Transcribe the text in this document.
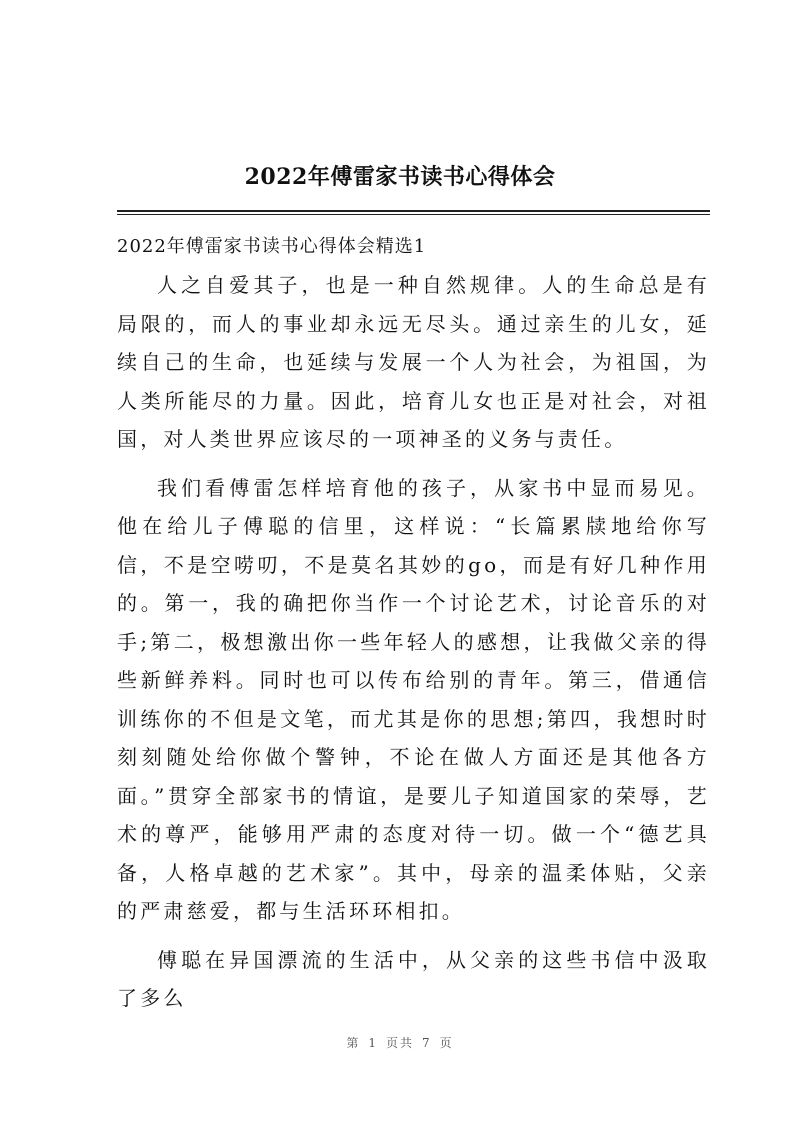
2022年傅雷家书读书心得体会
2022年傅雷家书读书心得体会精选1

人之自爱其子，也是一种自然规律。人的生命总是有局限的，而人的事业却永远无尽头。通过亲生的儿女，延续自己的生命，也延续与发展一个人为社会，为祖国，为人类所能尽的力量。因此，培育儿女也正是对社会，对祖国，对人类世界应该尽的一项神圣的义务与责任。

我们看傅雷怎样培育他的孩子，从家书中显而易见。他在给儿子傅聪的信里，这样说：“长篇累牍地给你写信，不是空唠叨，不是莫名其妙的go，而是有好几种作用的。第一，我的确把你当作一个讨论艺术，讨论音乐的对手;第二，极想激出你一些年轻人的感想，让我做父亲的得些新鲜养料。同时也可以传布给别的青年。第三，借通信训练你的不但是文笔，而尤其是你的思想;第四，我想时时刻刻随处给你做个警钟，不论在做人方面还是其他各方面。”贯穿全部家书的情谊，是要儿子知道国家的荣辱，艺术的尊严，能够用严肃的态度对待一切。做一个“德艺具备，人格卓越的艺术家”。其中，母亲的温柔体贴，父亲的严肃慈爱，都与生活环环相扣。

傅聪在异国漂流的生活中，从父亲的这些书信中汲取了多么

第 1 页共 7 页
